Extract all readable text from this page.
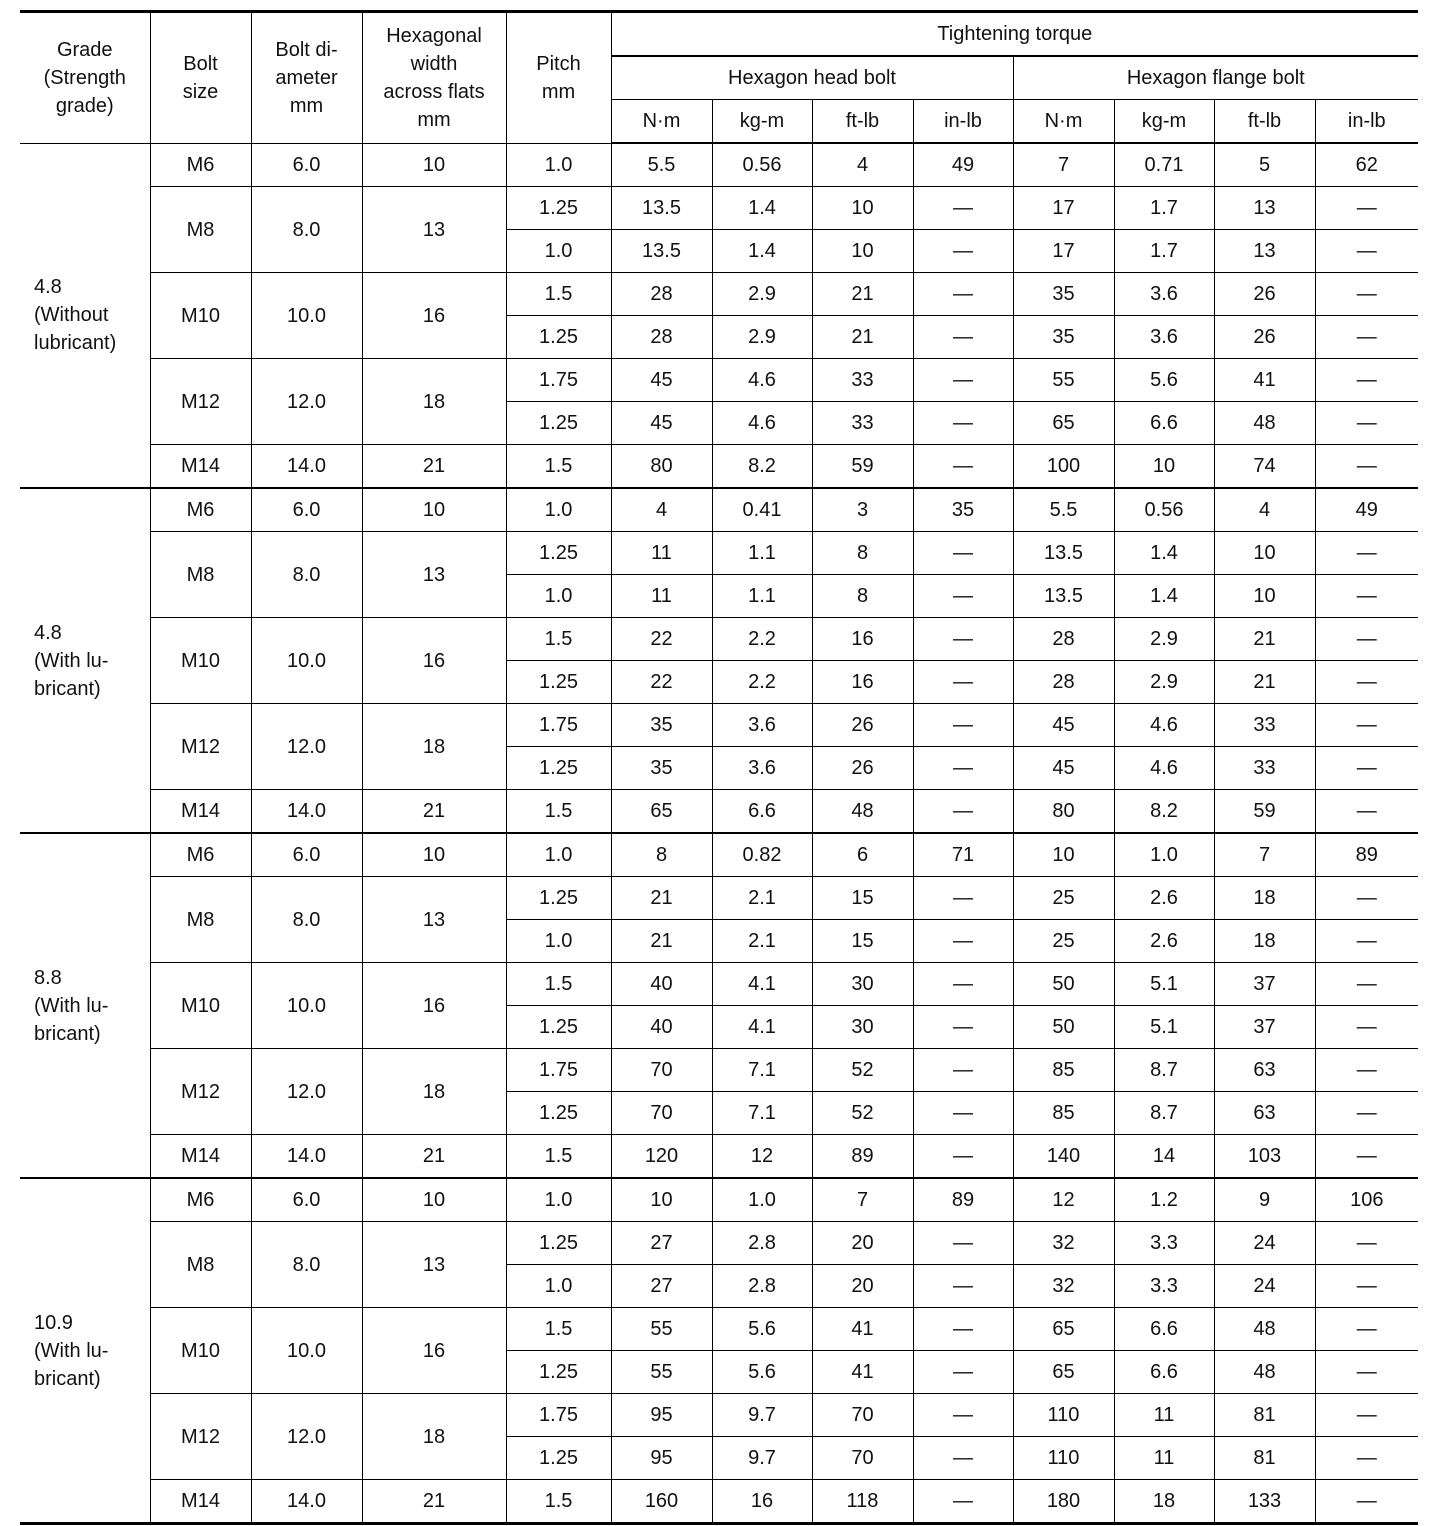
Grade
(Strength
grade)	Bolt
size	Bolt di-
ameter
mm	Hexagonal
width
across flats
mm	Pitch
mm	Tightening torque							
					Hexagon head bolt				Hexagon flange bolt			
					N·m	kg-m	ft-lb	in-lb	N·m	kg-m	ft-lb	in-lb
4.8
(Without
lubricant)	M6	6.0	10	1.0	5.5	0.56	4	49	7	0.71	5	62
	M8	8.0	13	1.25	13.5	1.4	10	—	17	1.7	13	—
				1.0	13.5	1.4	10	—	17	1.7	13	—
	M10	10.0	16	1.5	28	2.9	21	—	35	3.6	26	—
				1.25	28	2.9	21	—	35	3.6	26	—
	M12	12.0	18	1.75	45	4.6	33	—	55	5.6	41	—
				1.25	45	4.6	33	—	65	6.6	48	—
	M14	14.0	21	1.5	80	8.2	59	—	100	10	74	—
4.8
(With lu-
bricant)	M6	6.0	10	1.0	4	0.41	3	35	5.5	0.56	4	49
	M8	8.0	13	1.25	11	1.1	8	—	13.5	1.4	10	—
				1.0	11	1.1	8	—	13.5	1.4	10	—
	M10	10.0	16	1.5	22	2.2	16	—	28	2.9	21	—
				1.25	22	2.2	16	—	28	2.9	21	—
	M12	12.0	18	1.75	35	3.6	26	—	45	4.6	33	—
				1.25	35	3.6	26	—	45	4.6	33	—
	M14	14.0	21	1.5	65	6.6	48	—	80	8.2	59	—
8.8
(With lu-
bricant)	M6	6.0	10	1.0	8	0.82	6	71	10	1.0	7	89
	M8	8.0	13	1.25	21	2.1	15	—	25	2.6	18	—
				1.0	21	2.1	15	—	25	2.6	18	—
	M10	10.0	16	1.5	40	4.1	30	—	50	5.1	37	—
				1.25	40	4.1	30	—	50	5.1	37	—
	M12	12.0	18	1.75	70	7.1	52	—	85	8.7	63	—
				1.25	70	7.1	52	—	85	8.7	63	—
	M14	14.0	21	1.5	120	12	89	—	140	14	103	—
10.9
(With lu-
bricant)	M6	6.0	10	1.0	10	1.0	7	89	12	1.2	9	106
	M8	8.0	13	1.25	27	2.8	20	—	32	3.3	24	—
				1.0	27	2.8	20	—	32	3.3	24	—
	M10	10.0	16	1.5	55	5.6	41	—	65	6.6	48	—
				1.25	55	5.6	41	—	65	6.6	48	—
	M12	12.0	18	1.75	95	9.7	70	—	110	11	81	—
				1.25	95	9.7	70	—	110	11	81	—
	M14	14.0	21	1.5	160	16	118	—	180	18	133	—
